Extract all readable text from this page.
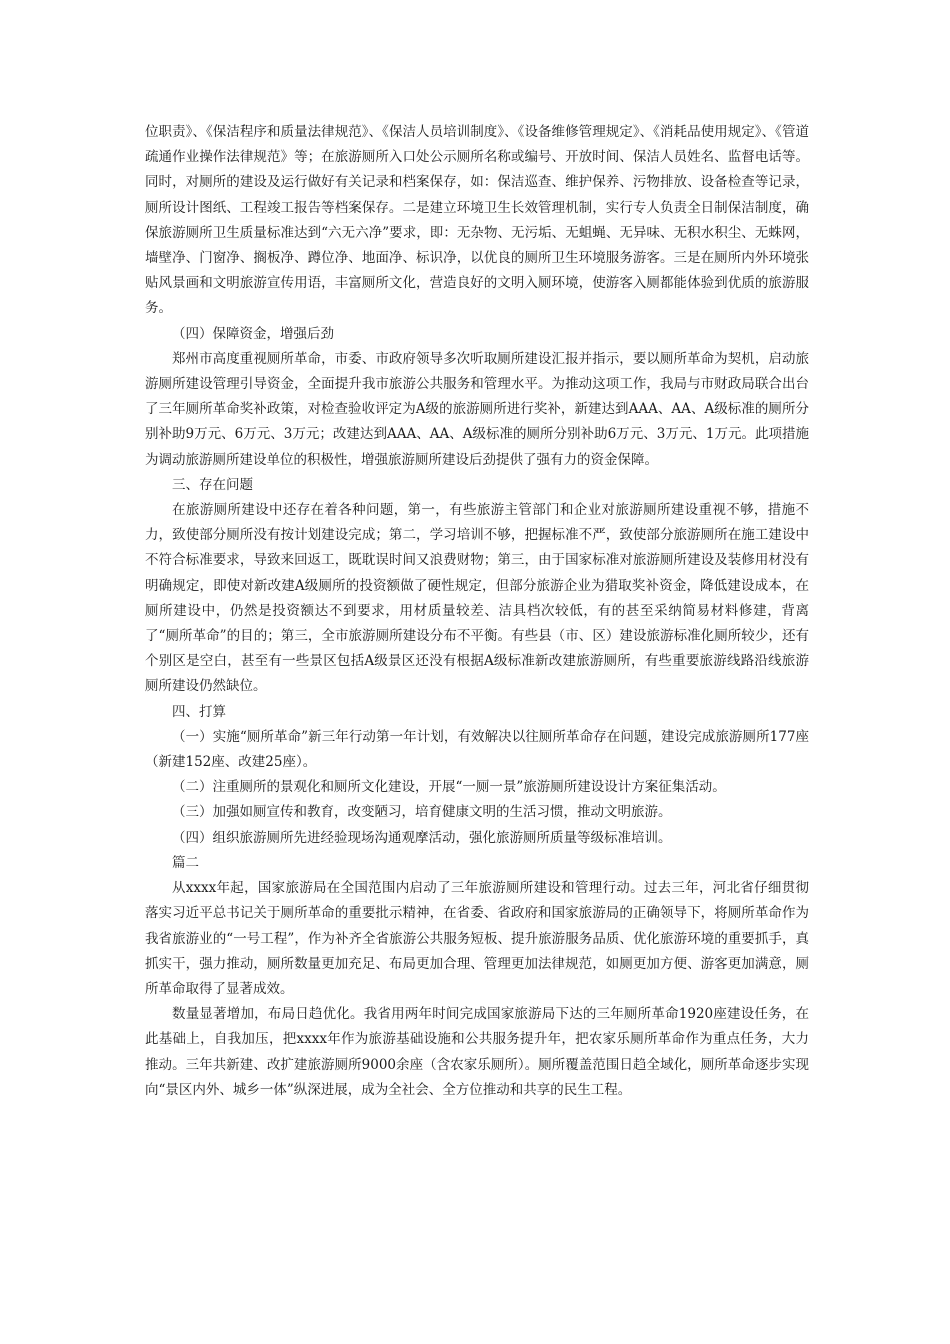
位职责》、《保洁程序和质量法律规范》、《保洁人员培训制度》、《设备维修管理规定》、《消耗品使用规定》、《管道疏通作业操作法律规范》等；在旅游厕所入口处公示厕所名称或编号、开放时间、保洁人员姓名、监督电话等。同时，对厕所的建设及运行做好有关记录和档案保存，如：保洁巡查、维护保养、污物排放、设备检查等记录，厕所设计图纸、工程竣工报告等档案保存。二是建立环境卫生长效管理机制，实行专人负责全日制保洁制度，确保旅游厕所卫生质量标准达到“六无六净”要求，即：无杂物、无污垢、无蛆蝇、无异味、无积水积尘、无蛛网，墙壁净、门窗净、搁板净、蹲位净、地面净、标识净，以优良的厕所卫生环境服务游客。三是在厕所内外环境张贴风景画和文明旅游宣传用语，丰富厕所文化，营造良好的文明入厕环境，使游客入厕都能体验到优质的旅游服务。

（四）保障资金，增强后劲

郑州市高度重视厕所革命，市委、市政府领导多次听取厕所建设汇报并指示，要以厕所革命为契机，启动旅游厕所建设管理引导资金，全面提升我市旅游公共服务和管理水平。为推动这项工作，我局与市财政局联合出台了三年厕所革命奖补政策，对检查验收评定为A级的旅游厕所进行奖补，新建达到AAA、AA、A级标准的厕所分别补助9万元、6万元、3万元；改建达到AAA、AA、A级标准的厕所分别补助6万元、3万元、1万元。此项措施为调动旅游厕所建设单位的积极性，增强旅游厕所建设后劲提供了强有力的资金保障。

三、存在问题

在旅游厕所建设中还存在着各种问题，第一，有些旅游主管部门和企业对旅游厕所建设重视不够，措施不力，致使部分厕所没有按计划建设完成；第二，学习培训不够，把握标准不严，致使部分旅游厕所在施工建设中不符合标准要求，导致来回返工，既耽误时间又浪费财物；第三，由于国家标准对旅游厕所建设及装修用材没有明确规定，即使对新改建A级厕所的投资额做了硬性规定，但部分旅游企业为猎取奖补资金，降低建设成本，在厕所建设中，仍然是投资额达不到要求，用材质量较差、洁具档次较低，有的甚至采纳简易材料修建，背离了“厕所革命”的目的；第三，全市旅游厕所建设分布不平衡。有些县（市、区）建设旅游标准化厕所较少，还有个别区是空白，甚至有一些景区包括A级景区还没有根据A级标准新改建旅游厕所，有些重要旅游线路沿线旅游厕所建设仍然缺位。

四、打算

（一）实施“厕所革命”新三年行动第一年计划，有效解决以往厕所革命存在问题，建设完成旅游厕所177座（新建152座、改建25座）。

（二）注重厕所的景观化和厕所文化建设，开展“一厕一景”旅游厕所建设设计方案征集活动。

（三）加强如厕宣传和教育，改变陋习，培育健康文明的生活习惯，推动文明旅游。

（四）组织旅游厕所先进经验现场沟通观摩活动，强化旅游厕所质量等级标准培训。

篇二

从xxxx年起，国家旅游局在全国范围内启动了三年旅游厕所建设和管理行动。过去三年，河北省仔细贯彻落实习近平总书记关于厕所革命的重要批示精神，在省委、省政府和国家旅游局的正确领导下，将厕所革命作为我省旅游业的“一号工程”，作为补齐全省旅游公共服务短板、提升旅游服务品质、优化旅游环境的重要抓手，真抓实干，强力推动，厕所数量更加充足、布局更加合理、管理更加法律规范，如厕更加方便、游客更加满意，厕所革命取得了显著成效。

数量显著增加，布局日趋优化。我省用两年时间完成国家旅游局下达的三年厕所革命1920座建设任务，在此基础上，自我加压，把xxxx年作为旅游基础设施和公共服务提升年，把农家乐厕所革命作为重点任务，大力推动。三年共新建、改扩建旅游厕所9000余座（含农家乐厕所）。厕所覆盖范围日趋全域化，厕所革命逐步实现向“景区内外、城乡一体”纵深进展，成为全社会、全方位推动和共享的民生工程。
